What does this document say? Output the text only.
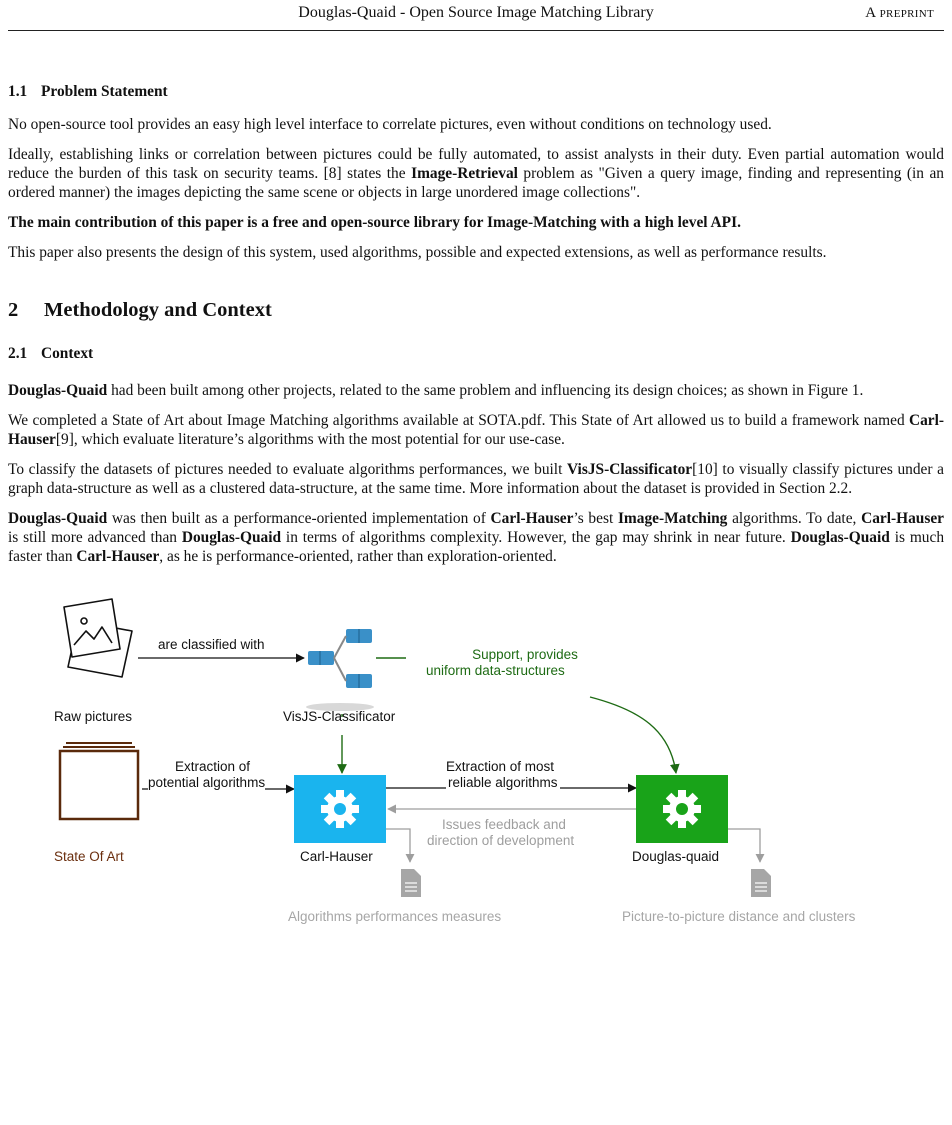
Douglas-Quaid - Open Source Image Matching Library	A preprint
1.1 Problem Statement

No open-source tool provides an easy high level interface to correlate pictures, even without conditions on technology used.

Ideally, establishing links or correlation between pictures could be fully automated, to assist analysts in their duty. Even partial automation would reduce the burden of this task on security teams. [8] states the Image-Retrieval problem as "Given a query image, finding and representing (in an ordered manner) the images depicting the same scene or objects in large unordered image collections".

The main contribution of this paper is a free and open-source library for Image-Matching with a high level API.

This paper also presents the design of this system, used algorithms, possible and expected extensions, as well as performance results.

2 Methodology and Context
2.1 Context

Douglas-Quaid had been built among other projects, related to the same problem and influencing its design choices; as shown in Figure 1.

We completed a State of Art about Image Matching algorithms available at SOTA.pdf. This State of Art allowed us to build a framework named Carl-Hauser[9], which evaluate literature’s algorithms with the most potential for our use-case.

To classify the datasets of pictures needed to evaluate algorithms performances, we built VisJS-Classificator[10] to visually classify pictures under a graph data-structure as well as a clustered data-structure, at the same time. More information about the dataset is provided in Section 2.2.

Douglas-Quaid was then built as a performance-oriented implementation of Carl-Hauser’s best Image-Matching algorithms. To date, Carl-Hauser is still more advanced than Douglas-Quaid in terms of algorithms complexity. However, the gap may shrink in near future. Douglas-Quaid is much faster than Carl-Hauser, as he is performance-oriented, rather than exploration-oriented.

Raw pictures	VisJS-Classificator
are classified with
Support, provides
uniform data-structures
State Of Art
Extraction of
potential algorithms
Carl-Hauser
Extraction of most
reliable algorithms
Issues feedback and
direction of development
Douglas-quaid
Algorithms performances measures	Picture-to-picture distance and clusters
